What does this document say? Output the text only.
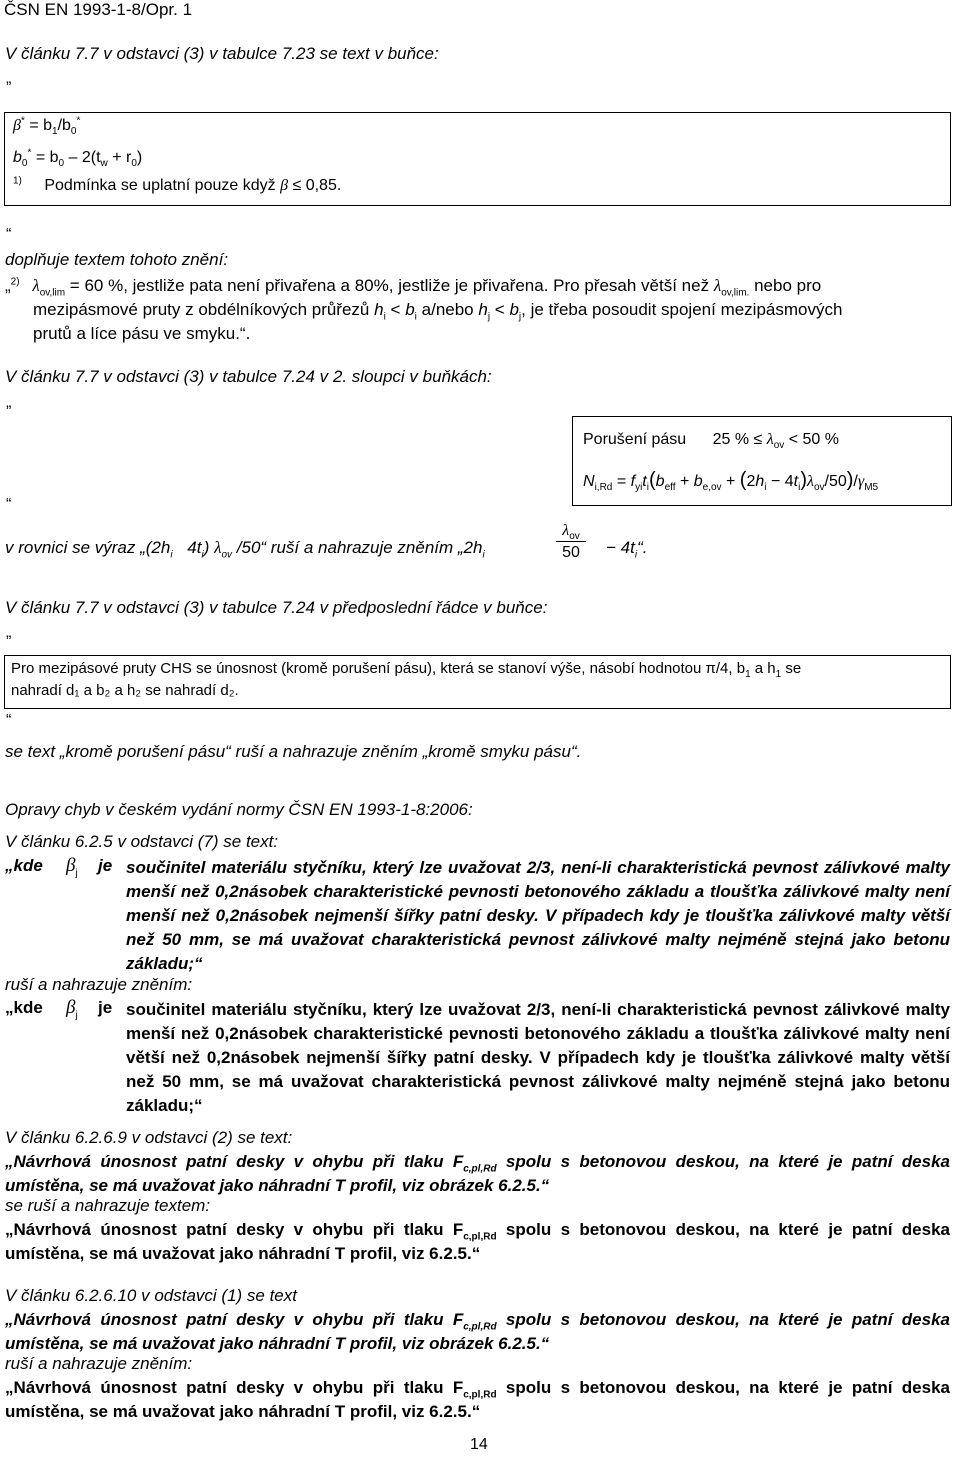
ČSN EN 1993-1-8/Opr. 1
V článku 7.7 v odstavci (3) v tabulce 7.23 se text v buňce:
„
$\beta^* = b_1/b_0^*$
$b_0^* = b_0 - 2(t_w + r_0)$
$^{1)}$ Podmínka se uplatní pouze když β ≤ 0,85.
“
doplňuje textem tohoto znění:
„$^{2)}$ $\lambda_{ov,lim} = 60$ %, jestliže pata není přivařena a 80%, jestliže je přivařena. Pro přesah větší než $\lambda_{ov,lim.}$ nebo pro
mezipásmové pruty z obdélníkových průřezů $h_i < b_i$ a/nebo $h_j < b_j$, je třeba posoudit spojení mezipásmových
prutů a líce pásu ve smyku.“.
V článku 7.7 v odstavci (3) v tabulce 7.24 v 2. sloupci v buňkách:
„
Porušení pásu 25 % ≤ $\lambda_{ov} < 50$ %
$N_{i,Rd} = f_{yi}t_i(b_{eff} + b_{e,ov} + (2h_i - 4t_i)\lambda_{ov}/50)/\gamma_{M5}$
“
v rovnici se výraz $„(2h_i$ $4t_i$) $\lambda_{ov}$ /50“ ruší a nahrazuje zněním $„2h_i$
$\lambda_{ov}$
50	− $4t_i“$.
V článku 7.7 v odstavci (3) v tabulce 7.24 v předposlední řádce v buňce:
„
Pro mezipásové pruty CHS se únosnost (kromě porušení pásu), která se stanoví výše, násobí hodnotou π/4, $b_1$ a $h_1$ se
nahradí d₁ a b₂ a h₂ se nahradí d₂.
“
se text „kromě porušení pásu“ ruší a nahrazuje zněním „kromě smyku pásu“.
Opravy chyb v českém vydání normy ČSN EN 1993-1-8:2006:
V článku 6.2.5 v odstavci (7) se text:
„kde $\beta_j$ je součinitel materiálu styčníku, který lze uvažovat 2/3, není-li charakteristická pevnost zálivkové malty menší než 0,2násobek charakteristické pevnosti betonového základu a tloušťka zálivkové malty není menší než 0,2násobek nejmenší šířky patní desky. V případech kdy je tloušťka zálivkové malty větší než 50 mm, se má uvažovat charakteristická pevnost zálivkové malty nejméně stejná jako betonu základu;“
ruší a nahrazuje zněním:
„kde $\beta_j$ je součinitel materiálu styčníku, který lze uvažovat 2/3, není-li charakteristická pevnost zálivkové malty menší než 0,2násobek charakteristické pevnosti betonového základu a tloušťka zálivkové malty není větší než 0,2násobek nejmenší šířky patní desky. V případech kdy je tloušťka zálivkové malty větší než 50 mm, se má uvažovat charakteristická pevnost zálivkové malty nejméně stejná jako betonu základu;“
V článku 6.2.6.9 v odstavci (2) se text:
„Návrhová únosnost patní desky v ohybu při tlaku $F_{c,pl,Rd}$ spolu s betonovou deskou, na které je patní deska umístěna, se má uvažovat jako náhradní T profil, viz obrázek 6.2.5.“
se ruší a nahrazuje textem:
„Návrhová únosnost patní desky v ohybu při tlaku $F_{c,pl,Rd}$ spolu s betonovou deskou, na které je patní deska umístěna, se má uvažovat jako náhradní T profil, viz 6.2.5.“
V článku 6.2.6.10 v odstavci (1) se text
„Návrhová únosnost patní desky v ohybu při tlaku $F_{c,pl,Rd}$ spolu s betonovou deskou, na které je patní deska umístěna, se má uvažovat jako náhradní T profil, viz obrázek 6.2.5.“
ruší a nahrazuje zněním:
„Návrhová únosnost patní desky v ohybu při tlaku $F_{c,pl,Rd}$ spolu s betonovou deskou, na které je patní deska umístěna, se má uvažovat jako náhradní T profil, viz 6.2.5.“
14
